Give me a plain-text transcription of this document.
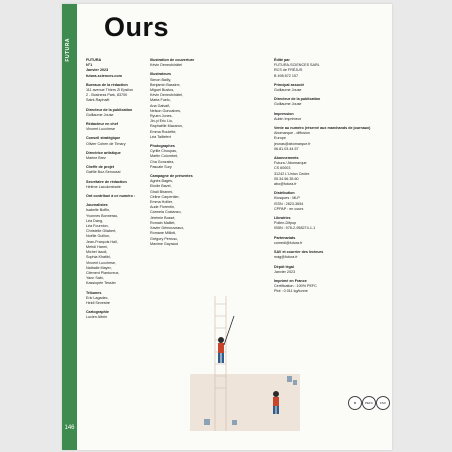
FUTURA
146
Ours
FUTURA
N°1
Janvier 2023
futura-sciences.com
Bureaux de la rédaction
111 avenue Thiers Zi Epsilon
2 - Business Park, 83700
Saint-Raphaël
Directeur de la publication
Guillaume Jouse
Rédacteur en chef
Vincent Lucchese
Conseil stratégique
Olivier Cohen de Timary
Directrice artistique
Marine Brez
Cheffe de projet
Gaëlle Boz-Senoussi
Secrétaire de rédaction
Hélène Lacolombarie
Ont contribué à ce numéro :
Journalistes
Isabelle Boffin,
Yvonnes Bonnerau,
Léa Dang,
Léa Fournion,
Christelle Gilabert,
Noëlle Guillon,
Jean-François Hall,
Mehdi Harmi,
Michel Isaoli,
Sophia Khatibi,
Vincent Lucchese,
Nathalie Mayer,
Clément Plantureux,
Yann Sabi,
Kassiopée Tessier
Tribunes
Eric Lagadec,
Heidi Sevestre
Cartographie
Lucien Albrin
Illustration de couverture
Kévin Deneufchâtel
Illustrateurs
Simon Bailly,
Benjamin Bassine,
Miguel Bustos,
Kévin Deneufchâtel,
Marta Fuelo,
Ana Galvañ,
Nelson Goncalves,
Ryuen Jones,
Jin-yi Eric Liu,
Raphaëlle Macaron,
Emma Roulette,
Léa Taillefert
Photographes
Cyrille Choupas,
Martin Colombet,
Cha Gonzalez,
Pascale Sury
Campagne de présentes
Agnès Bagès,
Elodie Bavel,
Ghali Bhanmi,
Céline Carpentier,
Emma Hollier,
Aude Florentin,
Carmela Costanzo,
Jérémie Bossé,
Romain Maillet,
Xavier Démouveaux,
Romane Millioti,
Grégory Perrusc,
Maxime Gayraud
Édité par
FUTURA-SCIENCES SARL
RCS de FRÉJUS
B 498 872 157
Principal associé
Guillaume Jouse
Directeur de la publication
Guillaume Jouse
Impression
Aubin Imprimeur
Vente au numéro (réservé aux marchands de journaux)
Abomarque - diffusion
Europe
jeunas@abomarque.fr
06.81.03.44.57
Abonnements
Futura / Abomarque
CS 60003
31242 L'Union Cedex
05.34.56.35.60
abo@futura.fr
Distribution
Kiosques : MLP
ISSN : 2823-3654
CPPAP : en cours
Librairies
Pollen-Difpop
ISBN : 978-2-958274-1-1
Partenariats
comedi@futura.fr
SAV et courrier des lecteurs
mag@futura.fr
Dépôt légal
Janvier 2023
Imprimé en France
Certification : 100% PEFC
Ptot : 0.011 kg/tonne
♻	PEFC	FSC
